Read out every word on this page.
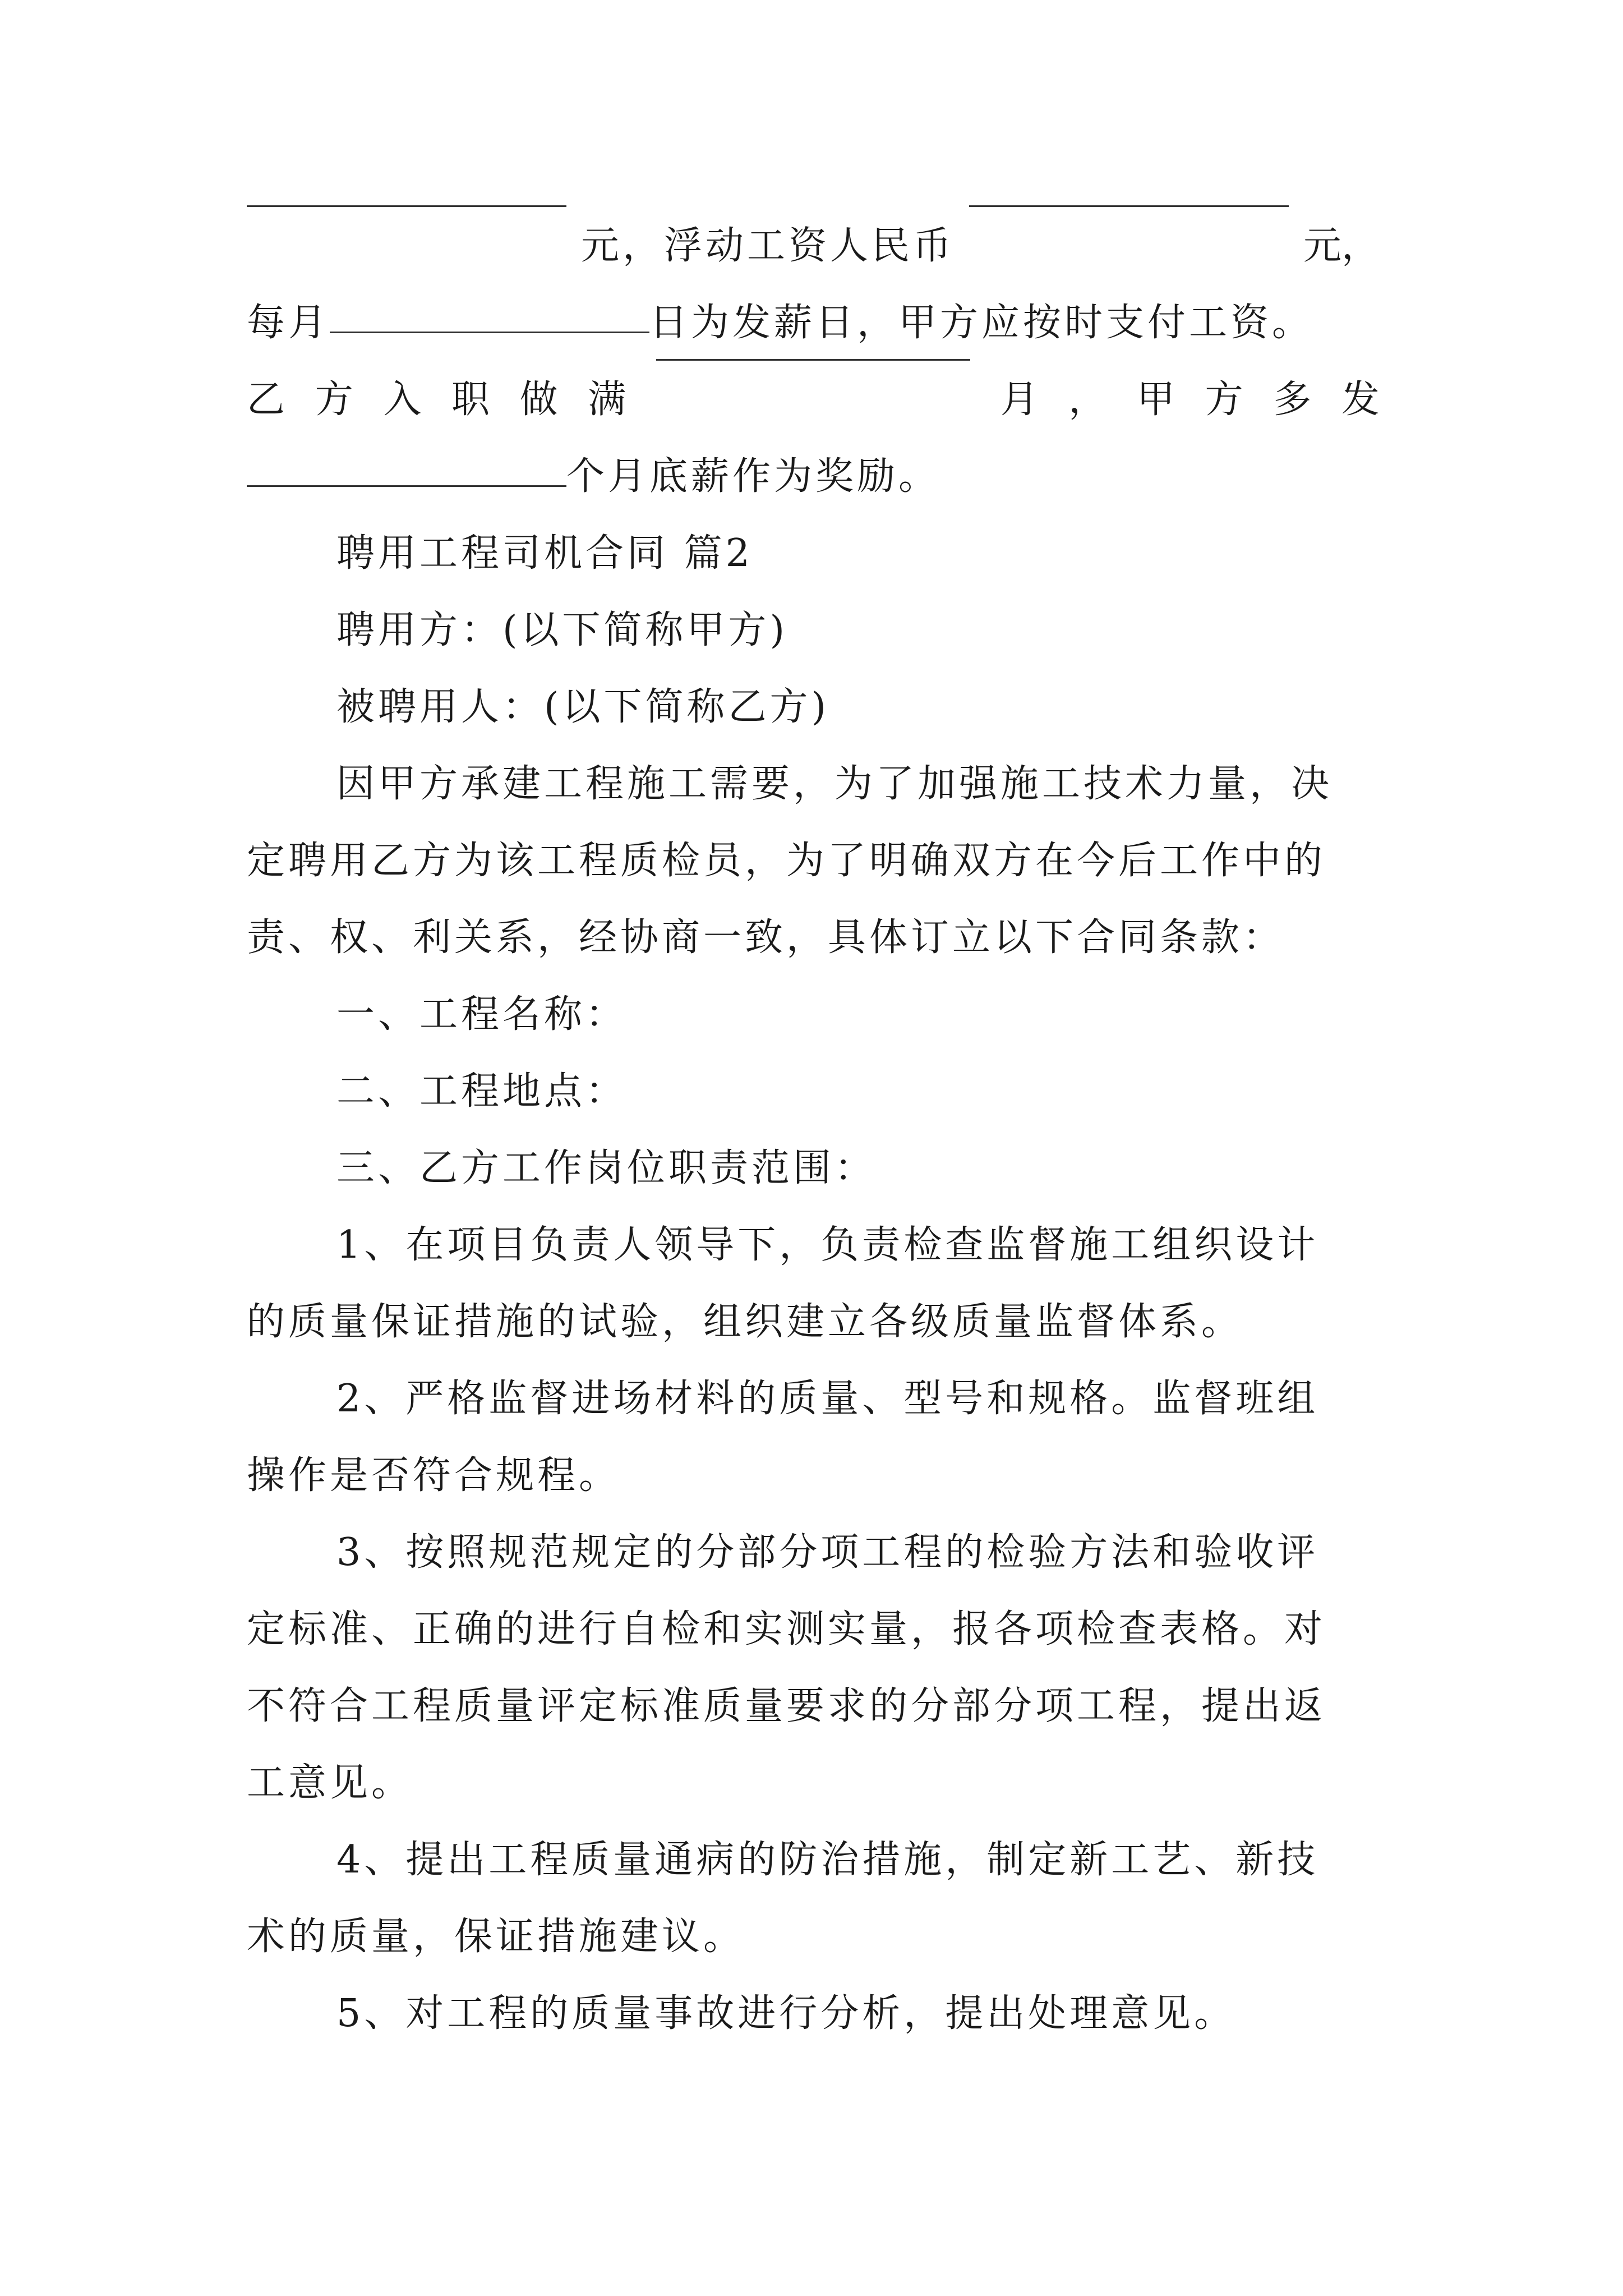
元，浮动工资人民币	元，
每月	日为发薪日，甲方应按时支付工资。
乙 方 入 职 做 满	月 ， 甲 方 多 发
个月底薪作为奖励。
聘用工程司机合同 篇2
聘用方：(以下简称甲方)
被聘用人：(以下简称乙方)
因甲方承建工程施工需要，为了加强施工技术力量，决
定聘用乙方为该工程质检员，为了明确双方在今后工作中的
责、权、利关系，经协商一致，具体订立以下合同条款：
一、工程名称：
二、工程地点：
三、乙方工作岗位职责范围：
1、在项目负责人领导下，负责检查监督施工组织设计
的质量保证措施的试验，组织建立各级质量监督体系。
2、严格监督进场材料的质量、型号和规格。监督班组
操作是否符合规程。
3、按照规范规定的分部分项工程的检验方法和验收评
定标准、正确的进行自检和实测实量，报各项检查表格。对
不符合工程质量评定标准质量要求的分部分项工程，提出返
工意见。
4、提出工程质量通病的防治措施，制定新工艺、新技
术的质量，保证措施建议。
5、对工程的质量事故进行分析，提出处理意见。
